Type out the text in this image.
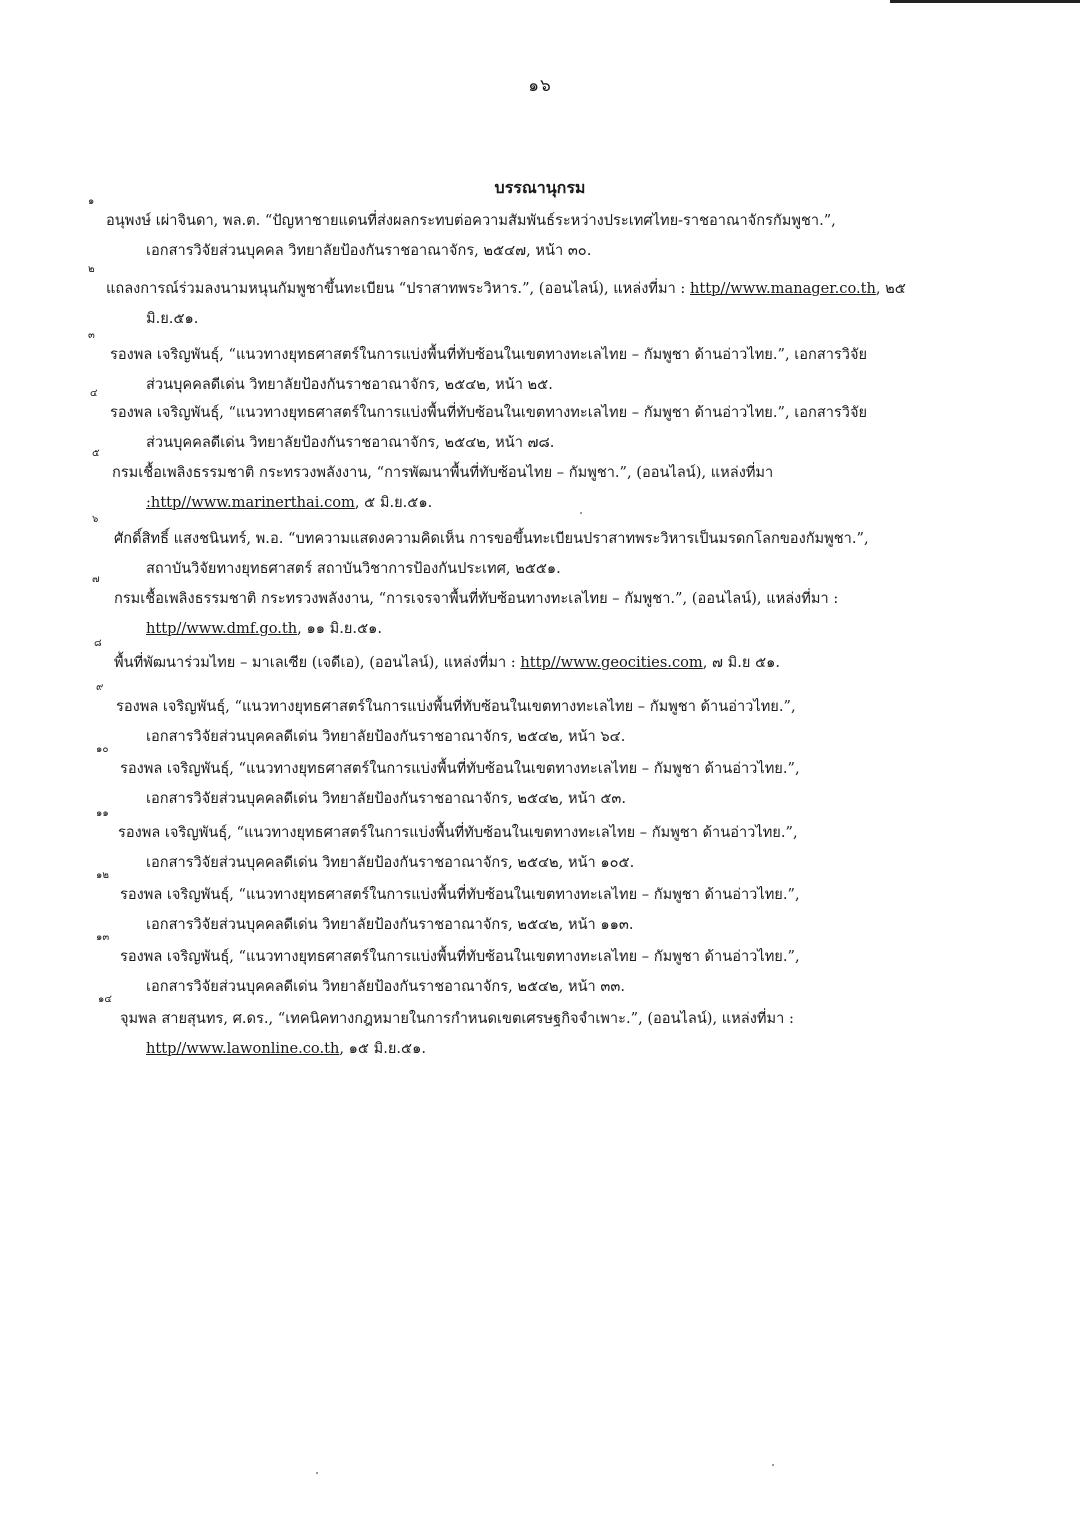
๑๖
บรรณานุกรม
๑
อนุพงษ์ เผ่าจินดา, พล.ต. “ปัญหาชายแดนที่ส่งผลกระทบต่อความสัมพันธ์ระหว่างประเทศไทย-ราชอาณาจักรกัมพูชา.”,
เอกสารวิจัยส่วนบุคคล วิทยาลัยป้องกันราชอาณาจักร, ๒๕๔๗, หน้า ๓๐.
๒
แถลงการณ์ร่วมลงนามหนุนกัมพูชาขึ้นทะเบียน “ปราสาทพระวิหาร.”, (ออนไลน์), แหล่งที่มา : http//www.manager.co.th, ๒๕
มิ.ย.๕๑.
๓
รองพล เจริญพันธุ์, “แนวทางยุทธศาสตร์ในการแบ่งพื้นที่ทับซ้อนในเขตทางทะเลไทย – กัมพูชา ด้านอ่าวไทย.”, เอกสารวิจัย
ส่วนบุคคลดีเด่น วิทยาลัยป้องกันราชอาณาจักร, ๒๕๔๒, หน้า ๒๕.
๔
รองพล เจริญพันธุ์, “แนวทางยุทธศาสตร์ในการแบ่งพื้นที่ทับซ้อนในเขตทางทะเลไทย – กัมพูชา ด้านอ่าวไทย.”, เอกสารวิจัย
ส่วนบุคคลดีเด่น วิทยาลัยป้องกันราชอาณาจักร, ๒๕๔๒, หน้า ๗๘.
๕
กรมเชื้อเพลิงธรรมชาติ กระทรวงพลังงาน, “การพัฒนาพื้นที่ทับซ้อนไทย – กัมพูชา.”, (ออนไลน์), แหล่งที่มา
:http//www.marinerthai.com, ๕ มิ.ย.๕๑.
๖
ศักดิ์สิทธิ์ แสงชนินทร์, พ.อ. “บทความแสดงความคิดเห็น การขอขึ้นทะเบียนปราสาทพระวิหารเป็นมรดกโลกของกัมพูชา.”,
สถาบันวิจัยทางยุทธศาสตร์ สถาบันวิชาการป้องกันประเทศ, ๒๕๕๑.
๗
กรมเชื้อเพลิงธรรมชาติ กระทรวงพลังงาน, “การเจรจาพื้นที่ทับซ้อนทางทะเลไทย – กัมพูชา.”, (ออนไลน์), แหล่งที่มา :
http//www.dmf.go.th, ๑๑ มิ.ย.๕๑.
๘
พื้นที่พัฒนาร่วมไทย – มาเลเซีย (เจดีเอ), (ออนไลน์), แหล่งที่มา : http//www.geocities.com, ๗ มิ.ย ๕๑.
๙
รองพล เจริญพันธุ์, “แนวทางยุทธศาสตร์ในการแบ่งพื้นที่ทับซ้อนในเขตทางทะเลไทย – กัมพูชา ด้านอ่าวไทย.”,
เอกสารวิจัยส่วนบุคคลดีเด่น วิทยาลัยป้องกันราชอาณาจักร, ๒๕๔๒, หน้า ๖๔.
๑๐
รองพล เจริญพันธุ์, “แนวทางยุทธศาสตร์ในการแบ่งพื้นที่ทับซ้อนในเขตทางทะเลไทย – กัมพูชา ด้านอ่าวไทย.”,
เอกสารวิจัยส่วนบุคคลดีเด่น วิทยาลัยป้องกันราชอาณาจักร, ๒๕๔๒, หน้า ๕๓.
๑๑
รองพล เจริญพันธุ์, “แนวทางยุทธศาสตร์ในการแบ่งพื้นที่ทับซ้อนในเขตทางทะเลไทย – กัมพูชา ด้านอ่าวไทย.”,
เอกสารวิจัยส่วนบุคคลดีเด่น วิทยาลัยป้องกันราชอาณาจักร, ๒๕๔๒, หน้า ๑๐๕.
๑๒
รองพล เจริญพันธุ์, “แนวทางยุทธศาสตร์ในการแบ่งพื้นที่ทับซ้อนในเขตทางทะเลไทย – กัมพูชา ด้านอ่าวไทย.”,
เอกสารวิจัยส่วนบุคคลดีเด่น วิทยาลัยป้องกันราชอาณาจักร, ๒๕๔๒, หน้า ๑๑๓.
๑๓
รองพล เจริญพันธุ์, “แนวทางยุทธศาสตร์ในการแบ่งพื้นที่ทับซ้อนในเขตทางทะเลไทย – กัมพูชา ด้านอ่าวไทย.”,
เอกสารวิจัยส่วนบุคคลดีเด่น วิทยาลัยป้องกันราชอาณาจักร, ๒๕๔๒, หน้า ๓๓.
๑๔
จุมพล สายสุนทร, ศ.ดร., “เทคนิคทางกฎหมายในการกำหนดเขตเศรษฐกิจจำเพาะ.”, (ออนไลน์), แหล่งที่มา :
http//www.lawonline.co.th, ๑๕ มิ.ย.๕๑.
